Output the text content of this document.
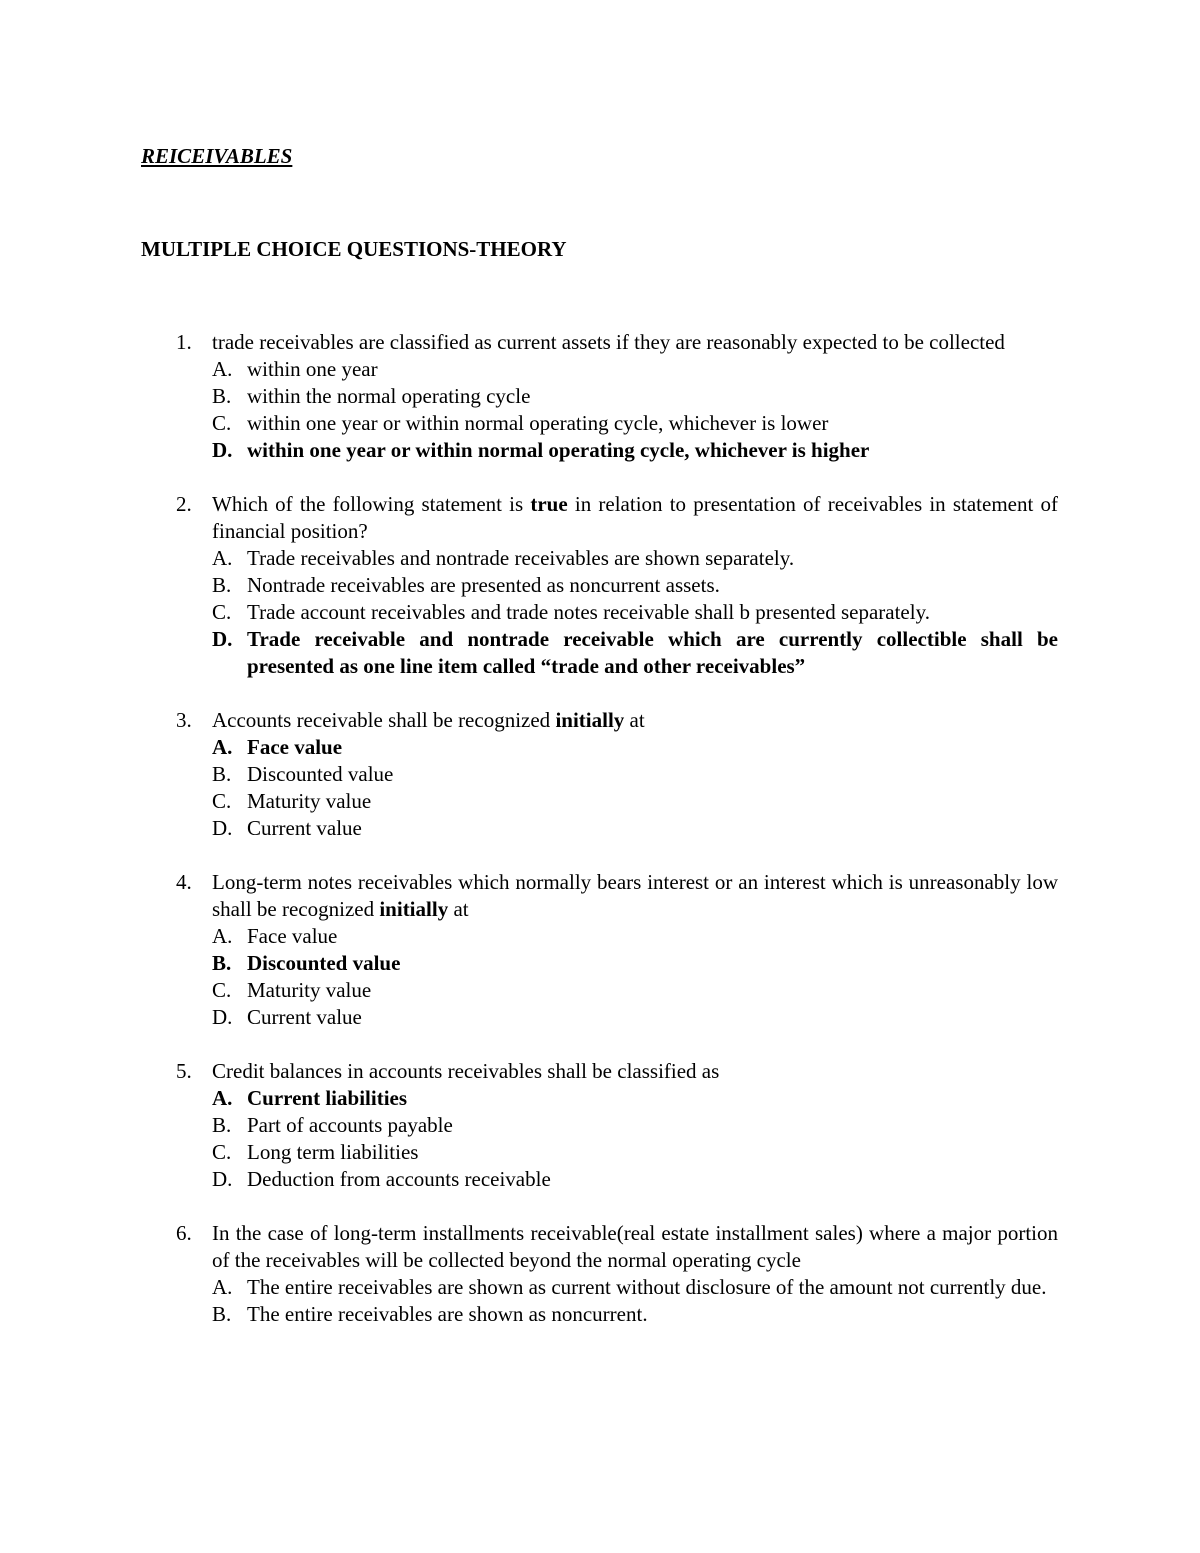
REICEIVABLES
MULTIPLE CHOICE QUESTIONS-THEORY
1. trade receivables are classified as current assets if they are reasonably expected to be collected
A. within one year
B. within the normal operating cycle
C. within one year or within normal operating cycle, whichever is lower
D. within one year or within normal operating cycle, whichever is higher
2. Which of the following statement is true in relation to presentation of receivables in statement of financial position?
A. Trade receivables and nontrade receivables are shown separately.
B. Nontrade receivables are presented as noncurrent assets.
C. Trade account receivables and trade notes receivable shall b presented separately.
D. Trade receivable and nontrade receivable which are currently collectible shall be presented as one line item called “trade and other receivables”
3. Accounts receivable shall be recognized initially at
A. Face value
B. Discounted value
C. Maturity value
D. Current value
4. Long-term notes receivables which normally bears interest or an interest which is unreasonably low shall be recognized initially at
A. Face value
B. Discounted value
C. Maturity value
D. Current value
5. Credit balances in accounts receivables shall be classified as
A. Current liabilities
B. Part of accounts payable
C. Long term liabilities
D. Deduction from accounts receivable
6. In the case of long-term installments receivable(real estate installment sales) where a major portion of the receivables will be collected beyond the normal operating cycle
A. The entire receivables are shown as current without disclosure of the amount not currently due.
B. The entire receivables are shown as noncurrent.
